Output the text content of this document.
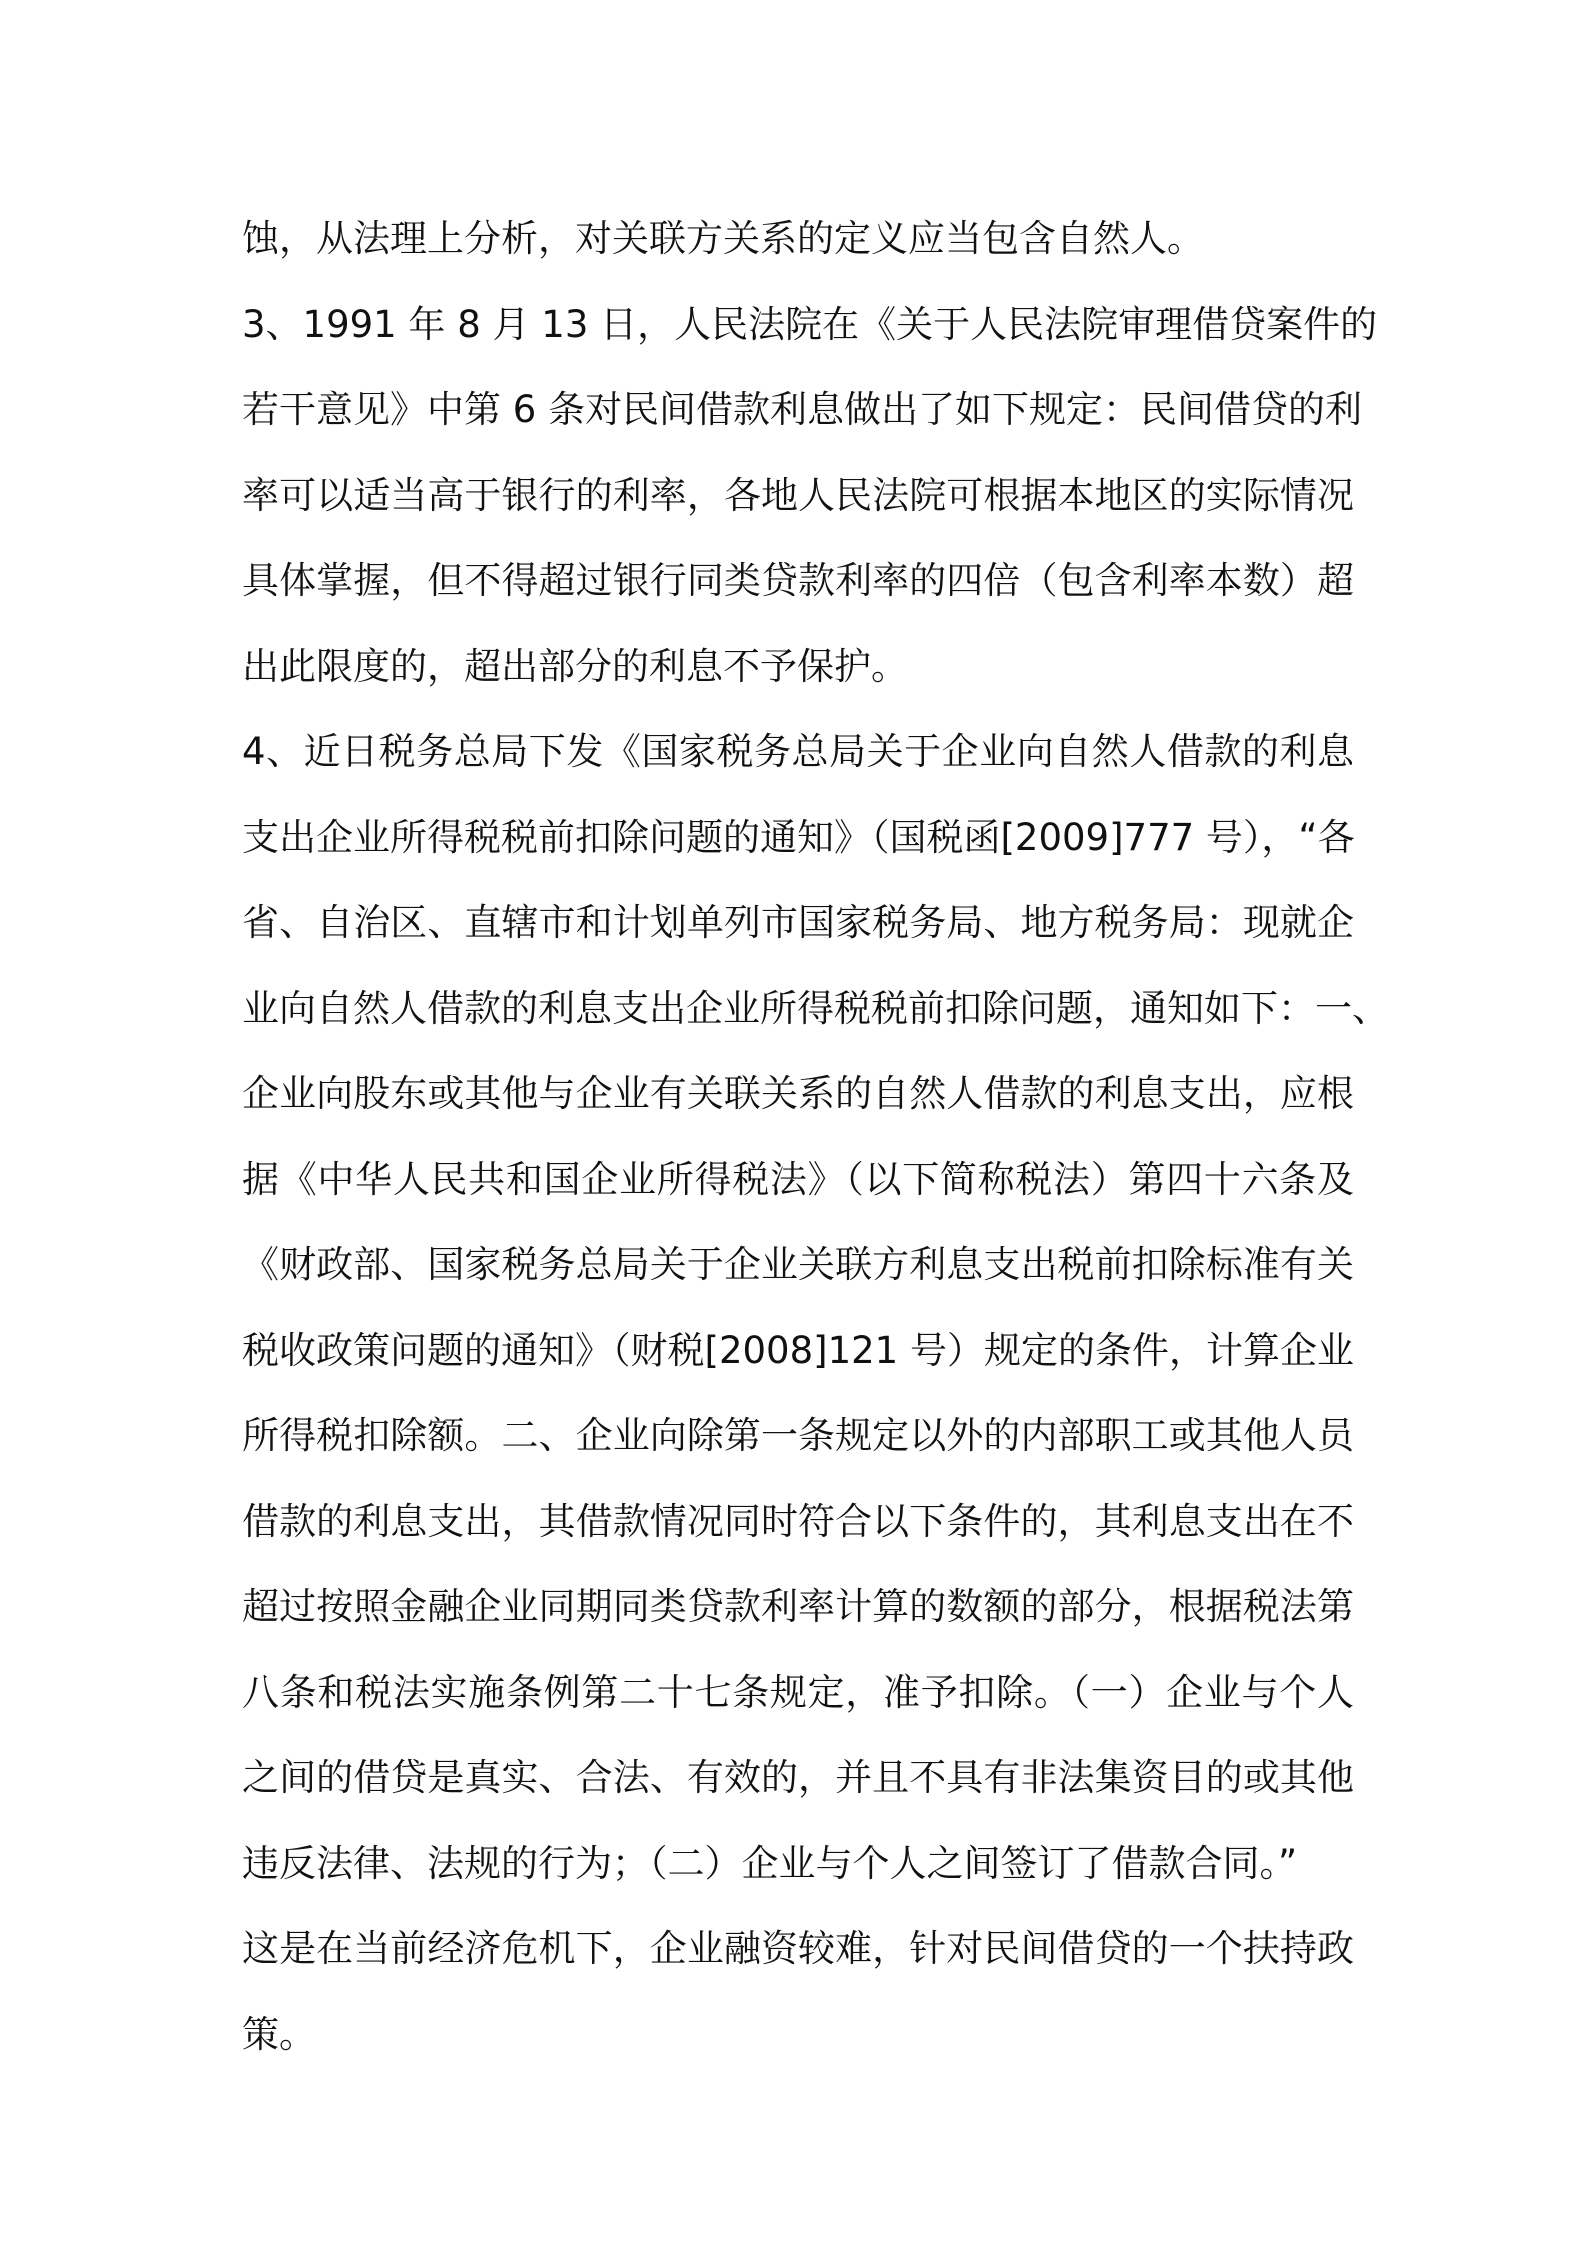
蚀，从法理上分析，对关联方关系的定义应当包含自然人。
3、1991 年 8 月 13 日，人民法院在《关于人民法院审理借贷案件的
若干意见》中第 6 条对民间借款利息做出了如下规定：民间借贷的利
率可以适当高于银行的利率，各地人民法院可根据本地区的实际情况
具体掌握，但不得超过银行同类贷款利率的四倍（包含利率本数）超
出此限度的，超出部分的利息不予保护。
4、近日税务总局下发《国家税务总局关于企业向自然人借款的利息
支出企业所得税税前扣除问题的通知》（国税函[2009]777 号），“各
省、自治区、直辖市和计划单列市国家税务局、地方税务局：现就企
业向自然人借款的利息支出企业所得税税前扣除问题，通知如下：一、
企业向股东或其他与企业有关联关系的自然人借款的利息支出，应根
据《中华人民共和国企业所得税法》（以下简称税法）第四十六条及
《财政部、国家税务总局关于企业关联方利息支出税前扣除标准有关
税收政策问题的通知》（财税[2008]121 号）规定的条件，计算企业
所得税扣除额。二、企业向除第一条规定以外的内部职工或其他人员
借款的利息支出，其借款情况同时符合以下条件的，其利息支出在不
超过按照金融企业同期同类贷款利率计算的数额的部分，根据税法第
八条和税法实施条例第二十七条规定，准予扣除。（一）企业与个人
之间的借贷是真实、合法、有效的，并且不具有非法集资目的或其他
违反法律、法规的行为；（二）企业与个人之间签订了借款合同。”
这是在当前经济危机下，企业融资较难，针对民间借贷的一个扶持政
策。
